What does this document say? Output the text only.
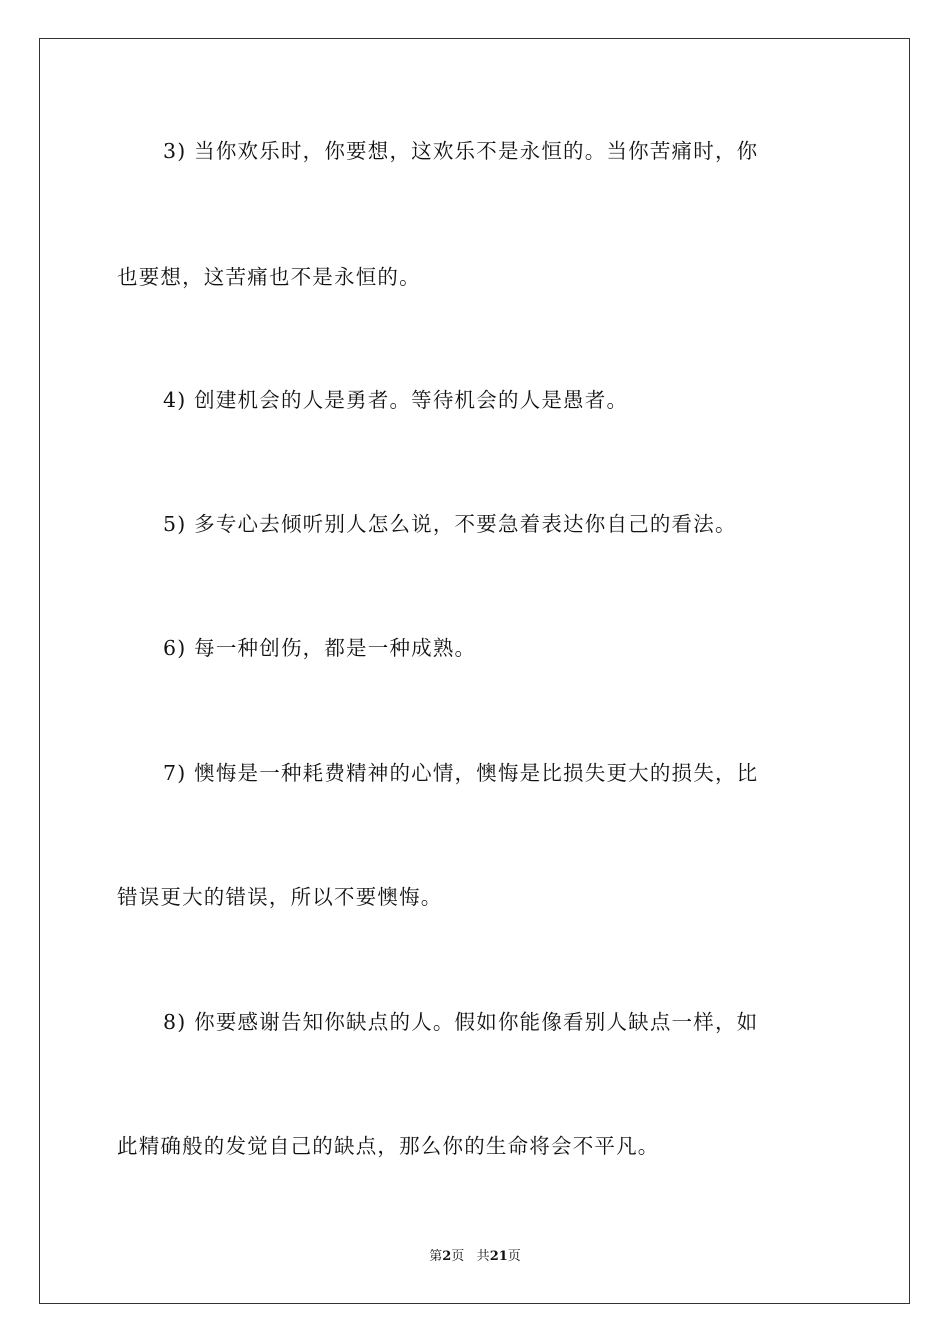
3) 当你欢乐时，你要想，这欢乐不是永恒的。当你苦痛时，你
也要想，这苦痛也不是永恒的。
4) 创建机会的人是勇者。等待机会的人是愚者。
5) 多专心去倾听别人怎么说，不要急着表达你自己的看法。
6) 每一种创伤，都是一种成熟。
7) 懊悔是一种耗费精神的心情，懊悔是比损失更大的损失，比
错误更大的错误，所以不要懊悔。
8) 你要感谢告知你缺点的人。假如你能像看别人缺点一样，如
此精确般的发觉自己的缺点，那么你的生命将会不平凡。
第2页 共21页
